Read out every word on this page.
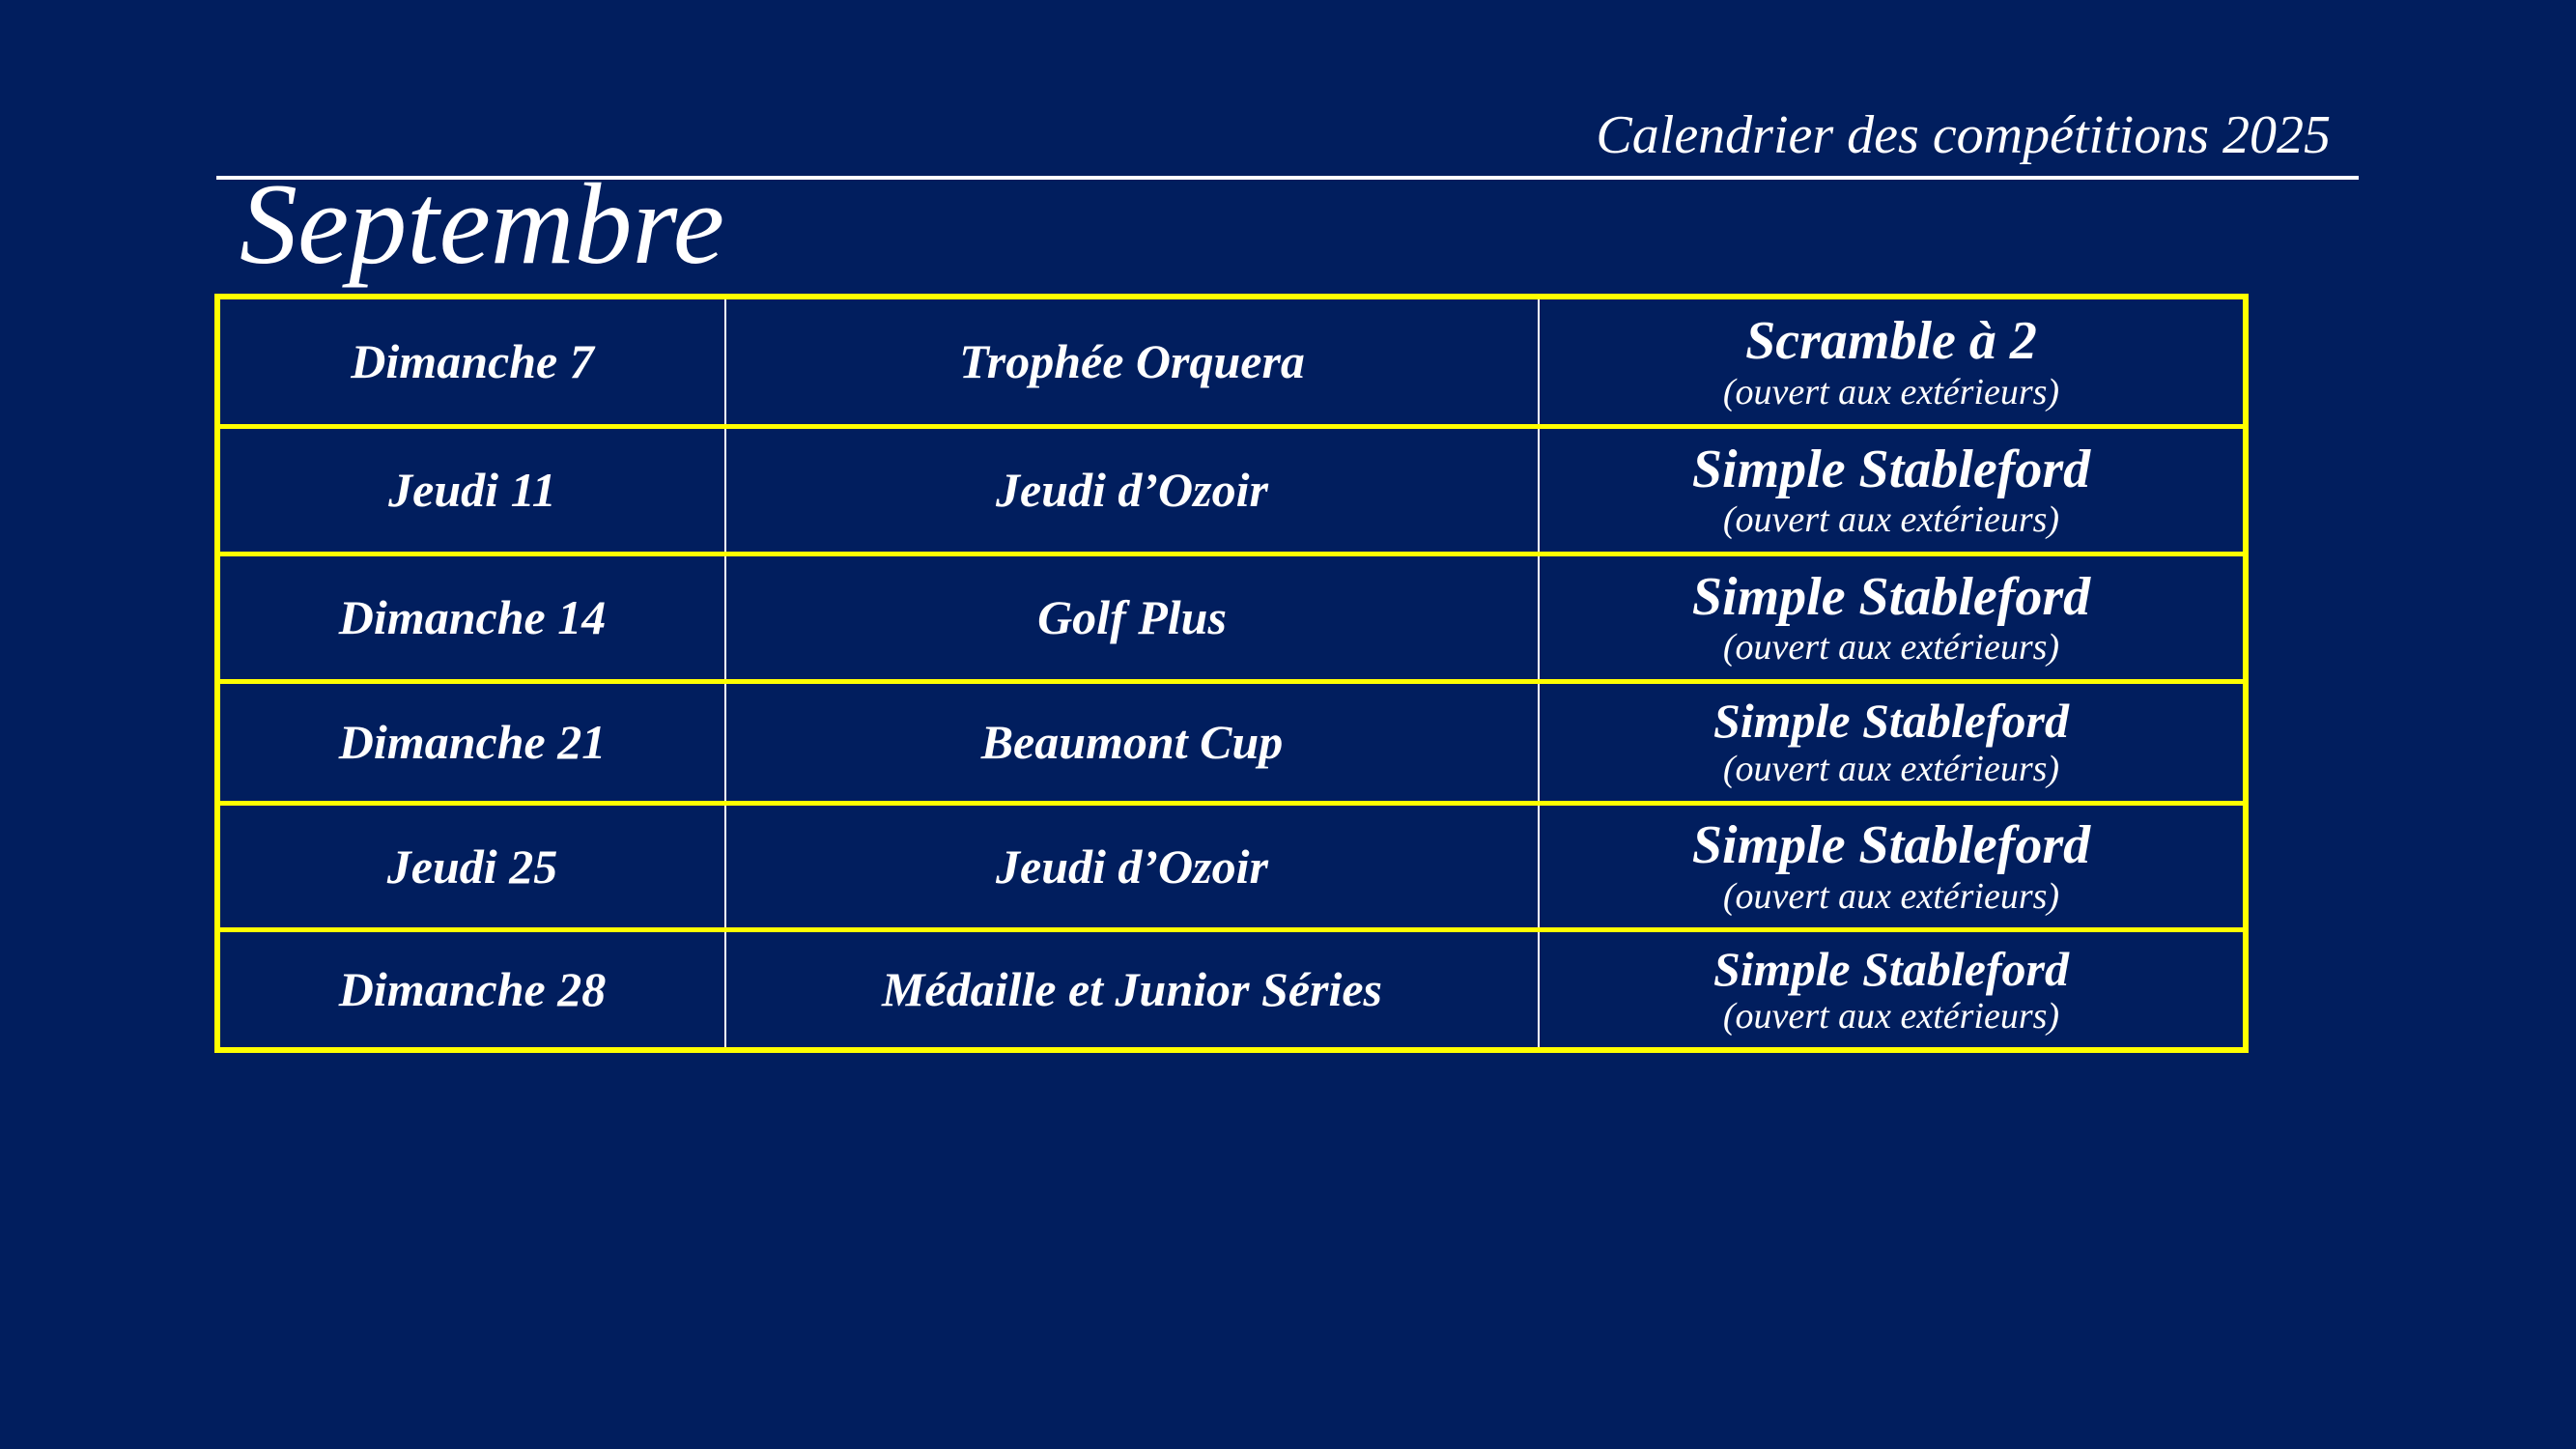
Calendrier des compétitions 2025
Septembre
Dimanche 7	Trophée Orquera	Scramble à 2
(ouvert aux extérieurs)

Jeudi 11	Jeudi d’Ozoir	Simple Stableford
(ouvert aux extérieurs)

Dimanche 14	Golf Plus	Simple Stableford
(ouvert aux extérieurs)

Dimanche 21	Beaumont Cup	Simple Stableford
(ouvert aux extérieurs)

Jeudi 25	Jeudi d’Ozoir	Simple Stableford
(ouvert aux extérieurs)

Dimanche 28	Médaille et Junior Séries	Simple Stableford
(ouvert aux extérieurs)
